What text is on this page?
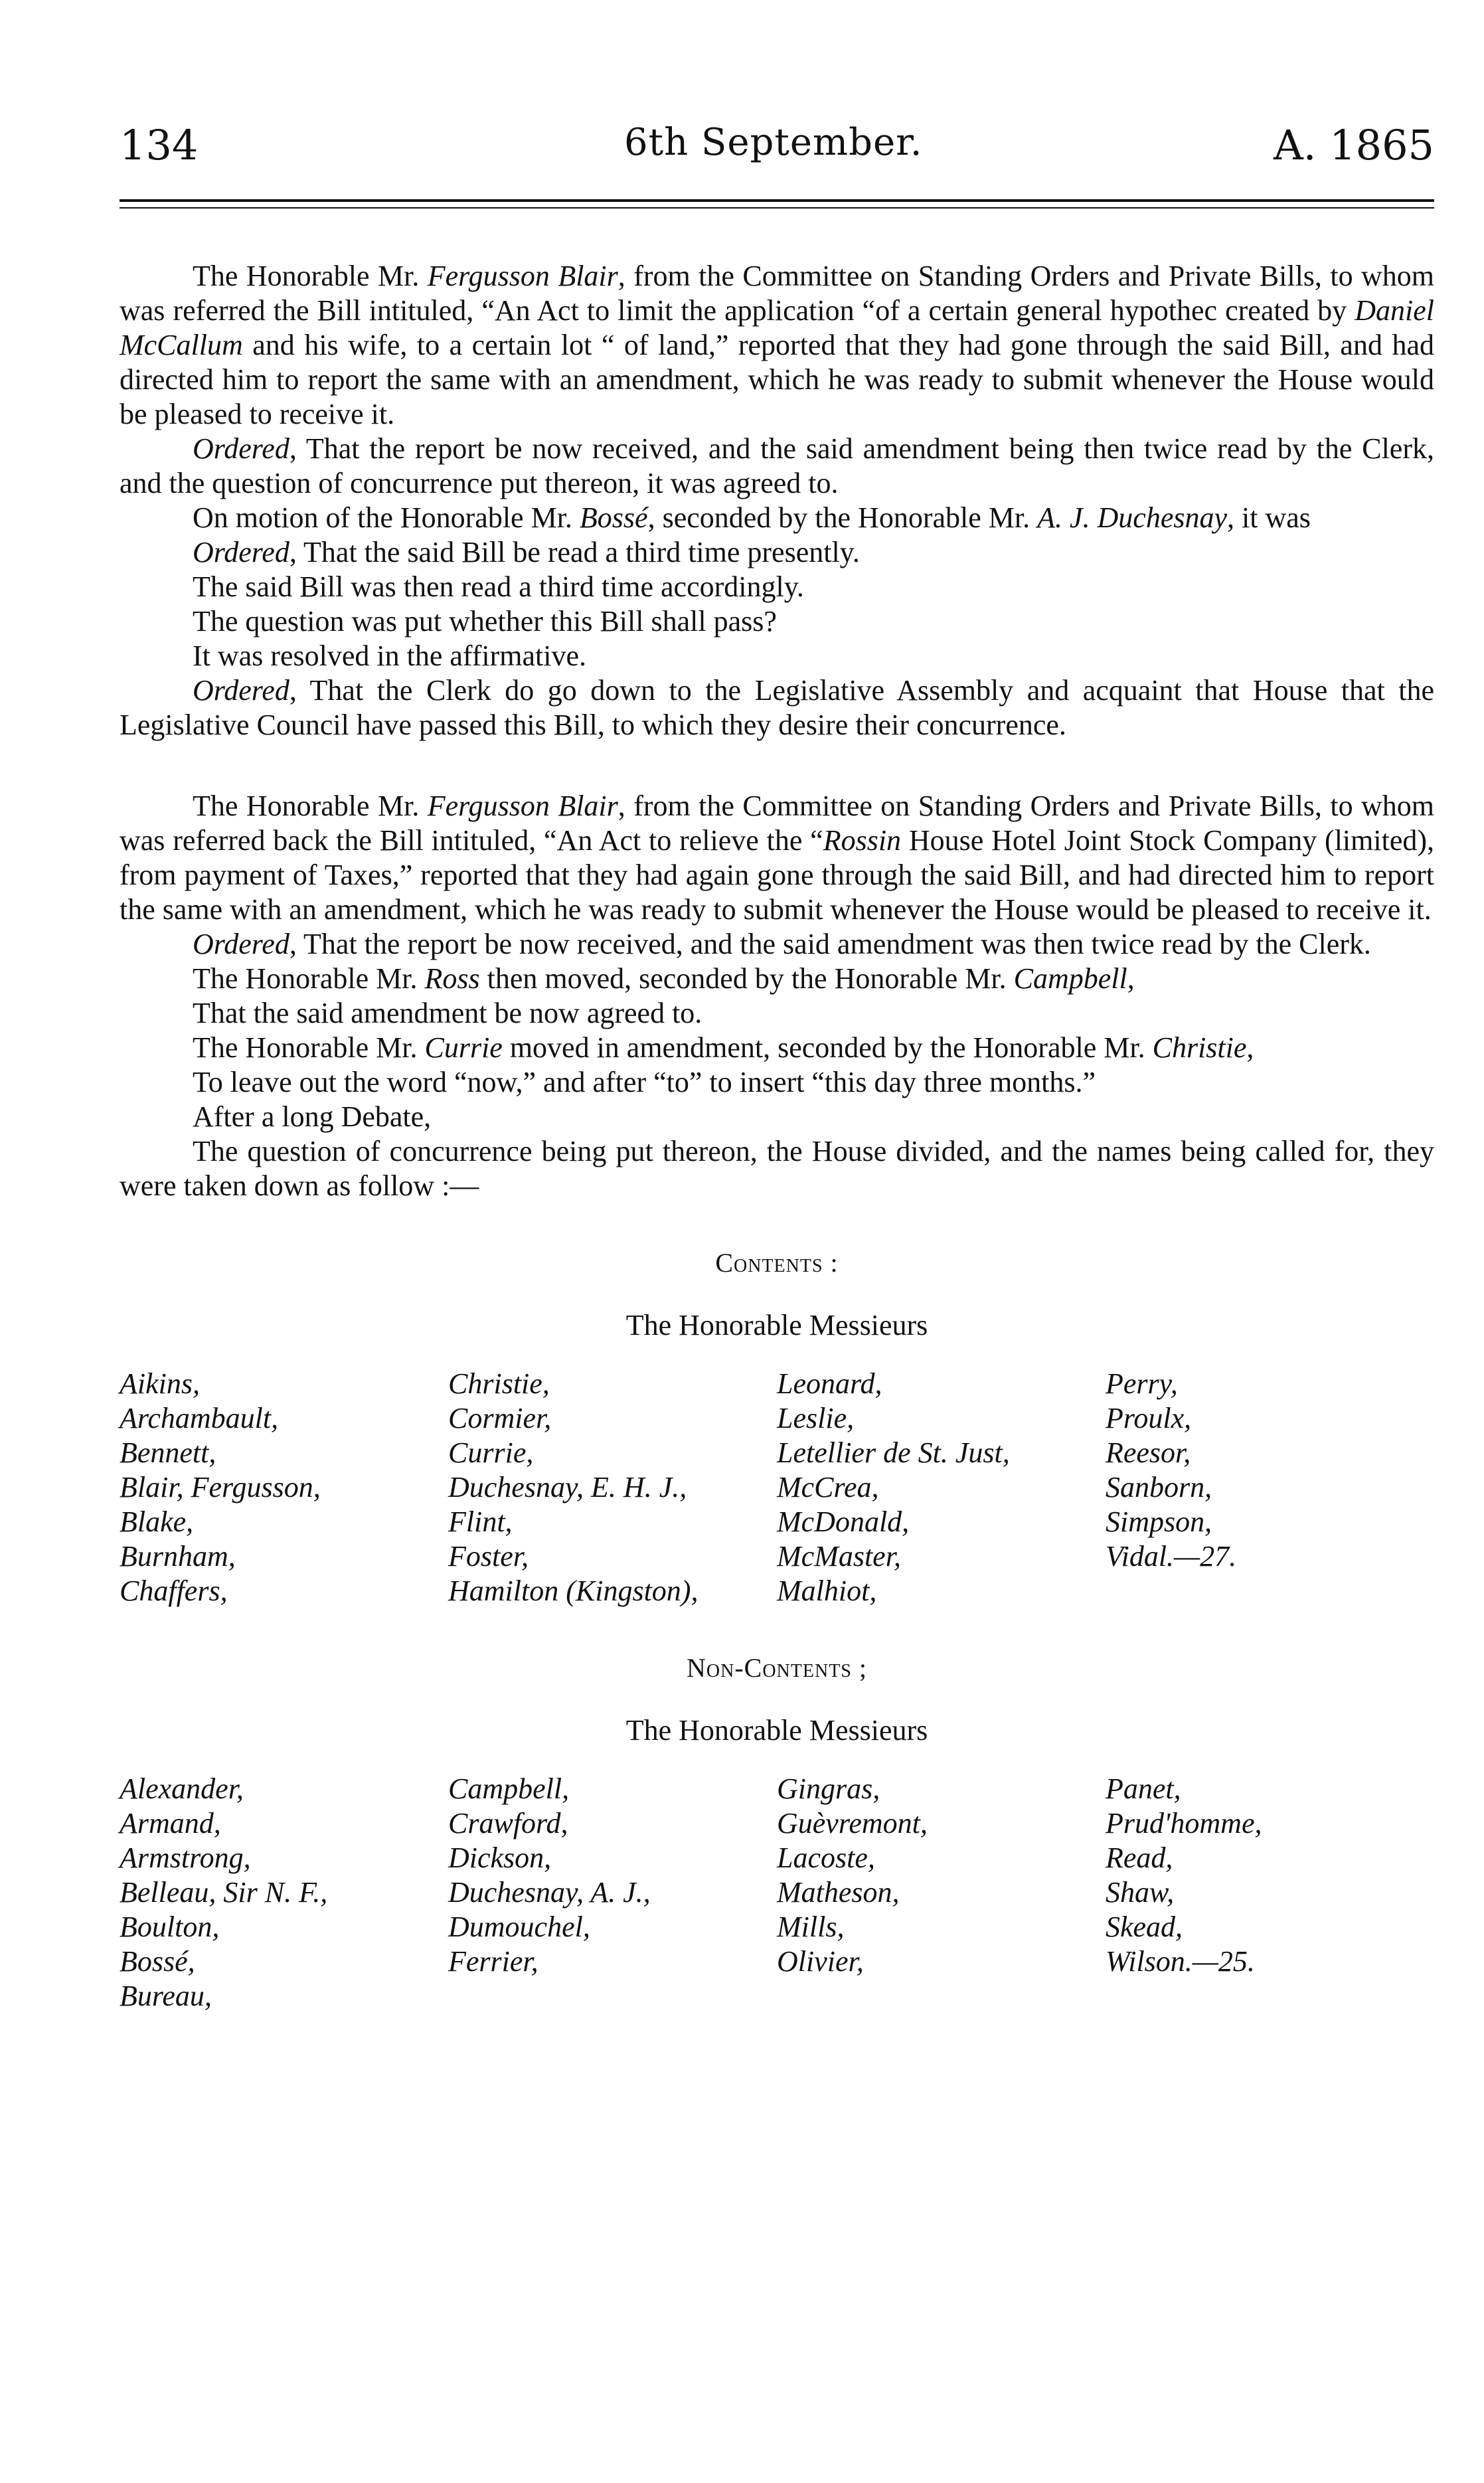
134	6th September.	A. 1865

The Honorable Mr. Fergusson Blair, from the Committee on Standing Orders and Private Bills, to whom was referred the Bill intituled, “An Act to limit the application “of a certain general hypothec created by Daniel McCallum and his wife, to a certain lot “ of land,” reported that they had gone through the said Bill, and had directed him to report the same with an amendment, which he was ready to submit whenever the House would be pleased to receive it.

Ordered, That the report be now received, and the said amendment being then twice read by the Clerk, and the question of concurrence put thereon, it was agreed to.

On motion of the Honorable Mr. Bossé, seconded by the Honorable Mr. A. J. Duchesnay, it was

Ordered, That the said Bill be read a third time presently.

The said Bill was then read a third time accordingly.

The question was put whether this Bill shall pass?

It was resolved in the affirmative.

Ordered, That the Clerk do go down to the Legislative Assembly and acquaint that House that the Legislative Council have passed this Bill, to which they desire their concurrence.

The Honorable Mr. Fergusson Blair, from the Committee on Standing Orders and Private Bills, to whom was referred back the Bill intituled, “An Act to relieve the “Rossin House Hotel Joint Stock Company (limited), from payment of Taxes,” reported that they had again gone through the said Bill, and had directed him to report the same with an amendment, which he was ready to submit whenever the House would be pleased to receive it.

Ordered, That the report be now received, and the said amendment was then twice read by the Clerk.

The Honorable Mr. Ross then moved, seconded by the Honorable Mr. Campbell,

That the said amendment be now agreed to.

The Honorable Mr. Currie moved in amendment, seconded by the Honorable Mr. Christie,

To leave out the word “now,” and after “to” to insert “this day three months.”

After a long Debate,

The question of concurrence being put thereon, the House divided, and the names being called for, they were taken down as follow :—

Contents :
The Honorable Messieurs
Aikins,	Christie,	Leonard,	Perry,
Archambault,	Cormier,	Leslie,	Proulx,
Bennett,	Currie,	Letellier de St. Just,	Reesor,
Blair, Fergusson,	Duchesnay, E. H. J.,	McCrea,	Sanborn,
Blake,	Flint,	McDonald,	Simpson,
Burnham,	Foster,	McMaster,	Vidal.—27.
Chaffers,	Hamilton (Kingston),	Malhiot,
Non-Contents ;
The Honorable Messieurs
Alexander,	Campbell,	Gingras,	Panet,
Armand,	Crawford,	Guèvremont,	Prud'homme,
Armstrong,	Dickson,	Lacoste,	Read,
Belleau, Sir N. F.,	Duchesnay, A. J.,	Matheson,	Shaw,
Boulton,	Dumouchel,	Mills,	Skead,
Bossé,	Ferrier,	Olivier,	Wilson.—25.
Bureau,
